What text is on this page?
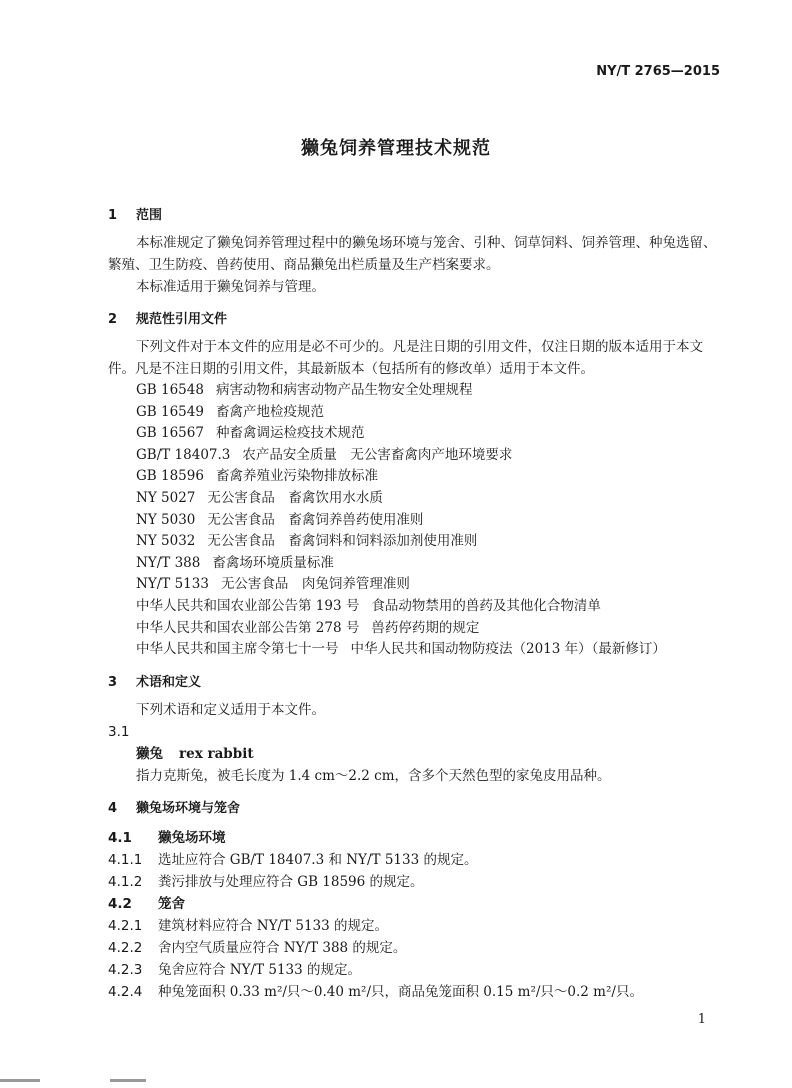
NY/T 2765—2015
獭兔饲养管理技术规范
1 范围

本标准规定了獭兔饲养管理过程中的獭兔场环境与笼舍、引种、饲草饲料、饲养管理、种兔选留、繁殖、卫生防疫、兽药使用、商品獭兔出栏质量及生产档案要求。

本标准适用于獭兔饲养与管理。

2 规范性引用文件

下列文件对于本文件的应用是必不可少的。凡是注日期的引用文件，仅注日期的版本适用于本文件。凡是不注日期的引用文件，其最新版本（包括所有的修改单）适用于本文件。

GB 16548 病害动物和病害动物产品生物安全处理规程
GB 16549 畜禽产地检疫规范
GB 16567 种畜禽调运检疫技术规范
GB/T 18407.3 农产品安全质量　无公害畜禽肉产地环境要求
GB 18596 畜禽养殖业污染物排放标准
NY 5027 无公害食品　畜禽饮用水水质
NY 5030 无公害食品　畜禽饲养兽药使用准则
NY 5032 无公害食品　畜禽饲料和饲料添加剂使用准则
NY/T 388 畜禽场环境质量标准
NY/T 5133 无公害食品　肉兔饲养管理准则
中华人民共和国农业部公告第 193 号 食品动物禁用的兽药及其他化合物清单
中华人民共和国农业部公告第 278 号 兽药停药期的规定
中华人民共和国主席令第七十一号 中华人民共和国动物防疫法（2013 年）（最新修订）
3 术语和定义

下列术语和定义适用于本文件。

3.1
獭兔 rex rabbit

指力克斯兔，被毛长度为 1.4 cm～2.2 cm，含多个天然色型的家兔皮用品种。

4 獭兔场环境与笼舍
4.1 獭兔场环境
4.1.1 选址应符合 GB/T 18407.3 和 NY/T 5133 的规定。
4.1.2 粪污排放与处理应符合 GB 18596 的规定。
4.2 笼舍
4.2.1 建筑材料应符合 NY/T 5133 的规定。
4.2.2 舍内空气质量应符合 NY/T 388 的规定。
4.2.3 兔舍应符合 NY/T 5133 的规定。
4.2.4 种兔笼面积 0.33 m²/只～0.40 m²/只，商品兔笼面积 0.15 m²/只～0.2 m²/只。
1
